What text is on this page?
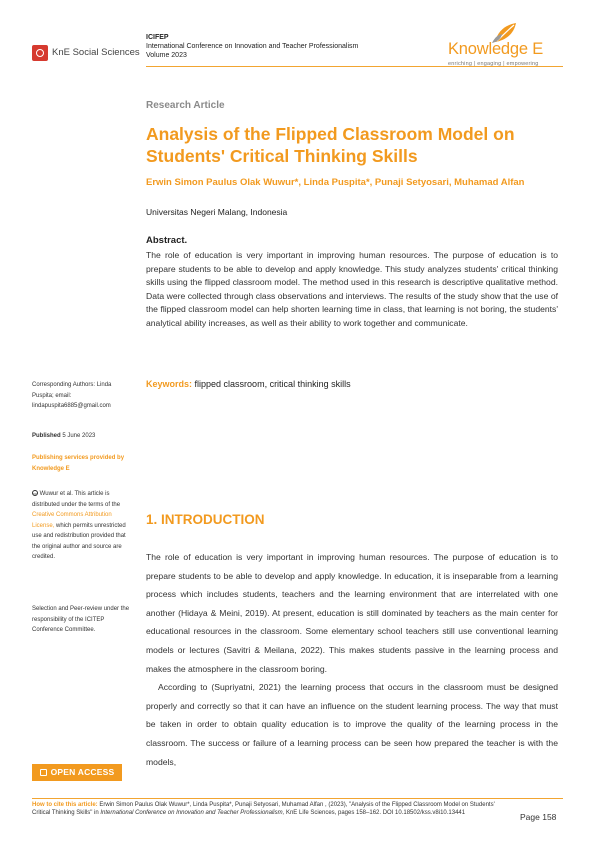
KnE Social Sciences
ICIFEP
International Conference on Innovation and Teacher Professionalism
Volume 2023	Knowledge E
enriching | engaging | empowering
Research Article
Analysis of the Flipped Classroom Model on Students' Critical Thinking Skills
Erwin Simon Paulus Olak Wuwur*, Linda Puspita*, Punaji Setyosari, Muhamad Alfan
Universitas Negeri Malang, Indonesia
Abstract.
The role of education is very important in improving human resources. The purpose of education is to prepare students to be able to develop and apply knowledge. This study analyzes students' critical thinking skills using the flipped classroom model. The method used in this research is descriptive qualitative method. Data were collected through class observations and interviews. The results of the study show that the use of the flipped classroom model can help shorten learning time in class, that learning is not boring, the students' analytical ability increases, as well as their ability to work together and communicate.
Keywords: flipped classroom, critical thinking skills
1. INTRODUCTION

The role of education is very important in improving human resources. The purpose of education is to prepare students to be able to develop and apply knowledge. In education, it is inseparable from a learning process which includes students, teachers and the learning environment that are interrelated with one another (Hidaya & Meini, 2019). At present, education is still dominated by teachers as the main center for educational resources in the classroom. Some elementary school teachers still use conventional learning models or lectures (Savitri & Meilana, 2022). This makes students passive in the learning process and makes the atmosphere in the classroom boring.

According to (Supriyatni, 2021) the learning process that occurs in the classroom must be designed properly and correctly so that it can have an influence on the student learning process. The way that must be taken in order to obtain quality education is to improve the quality of the learning process in the classroom. The success or failure of a learning process can be seen how prepared the teacher is with the models,

Corresponding Authors: Linda Puspita; email: lindapuspita6885@gmail.com
Published 5 June 2023
Publishing services provided by Knowledge E
cc Wuwur et al. This article is distributed under the terms of the Creative Commons Attribution License, which permits unrestricted use and redistribution provided that the original author and source are credited.
Selection and Peer-review under the responsibility of the ICITEP Conference Committee.
OPEN ACCESS
How to cite this article: Erwin Simon Paulus Olak Wuwur*, Linda Puspita*, Punaji Setyosari, Muhamad Alfan , (2023), "Analysis of the Flipped Classroom Model on Students' Critical Thinking Skills" in International Conference on Innovation and Teacher Professionalism, KnE Life Sciences, pages 158–162. DOI 10.18502/kss.v8i10.13441	Page 158
